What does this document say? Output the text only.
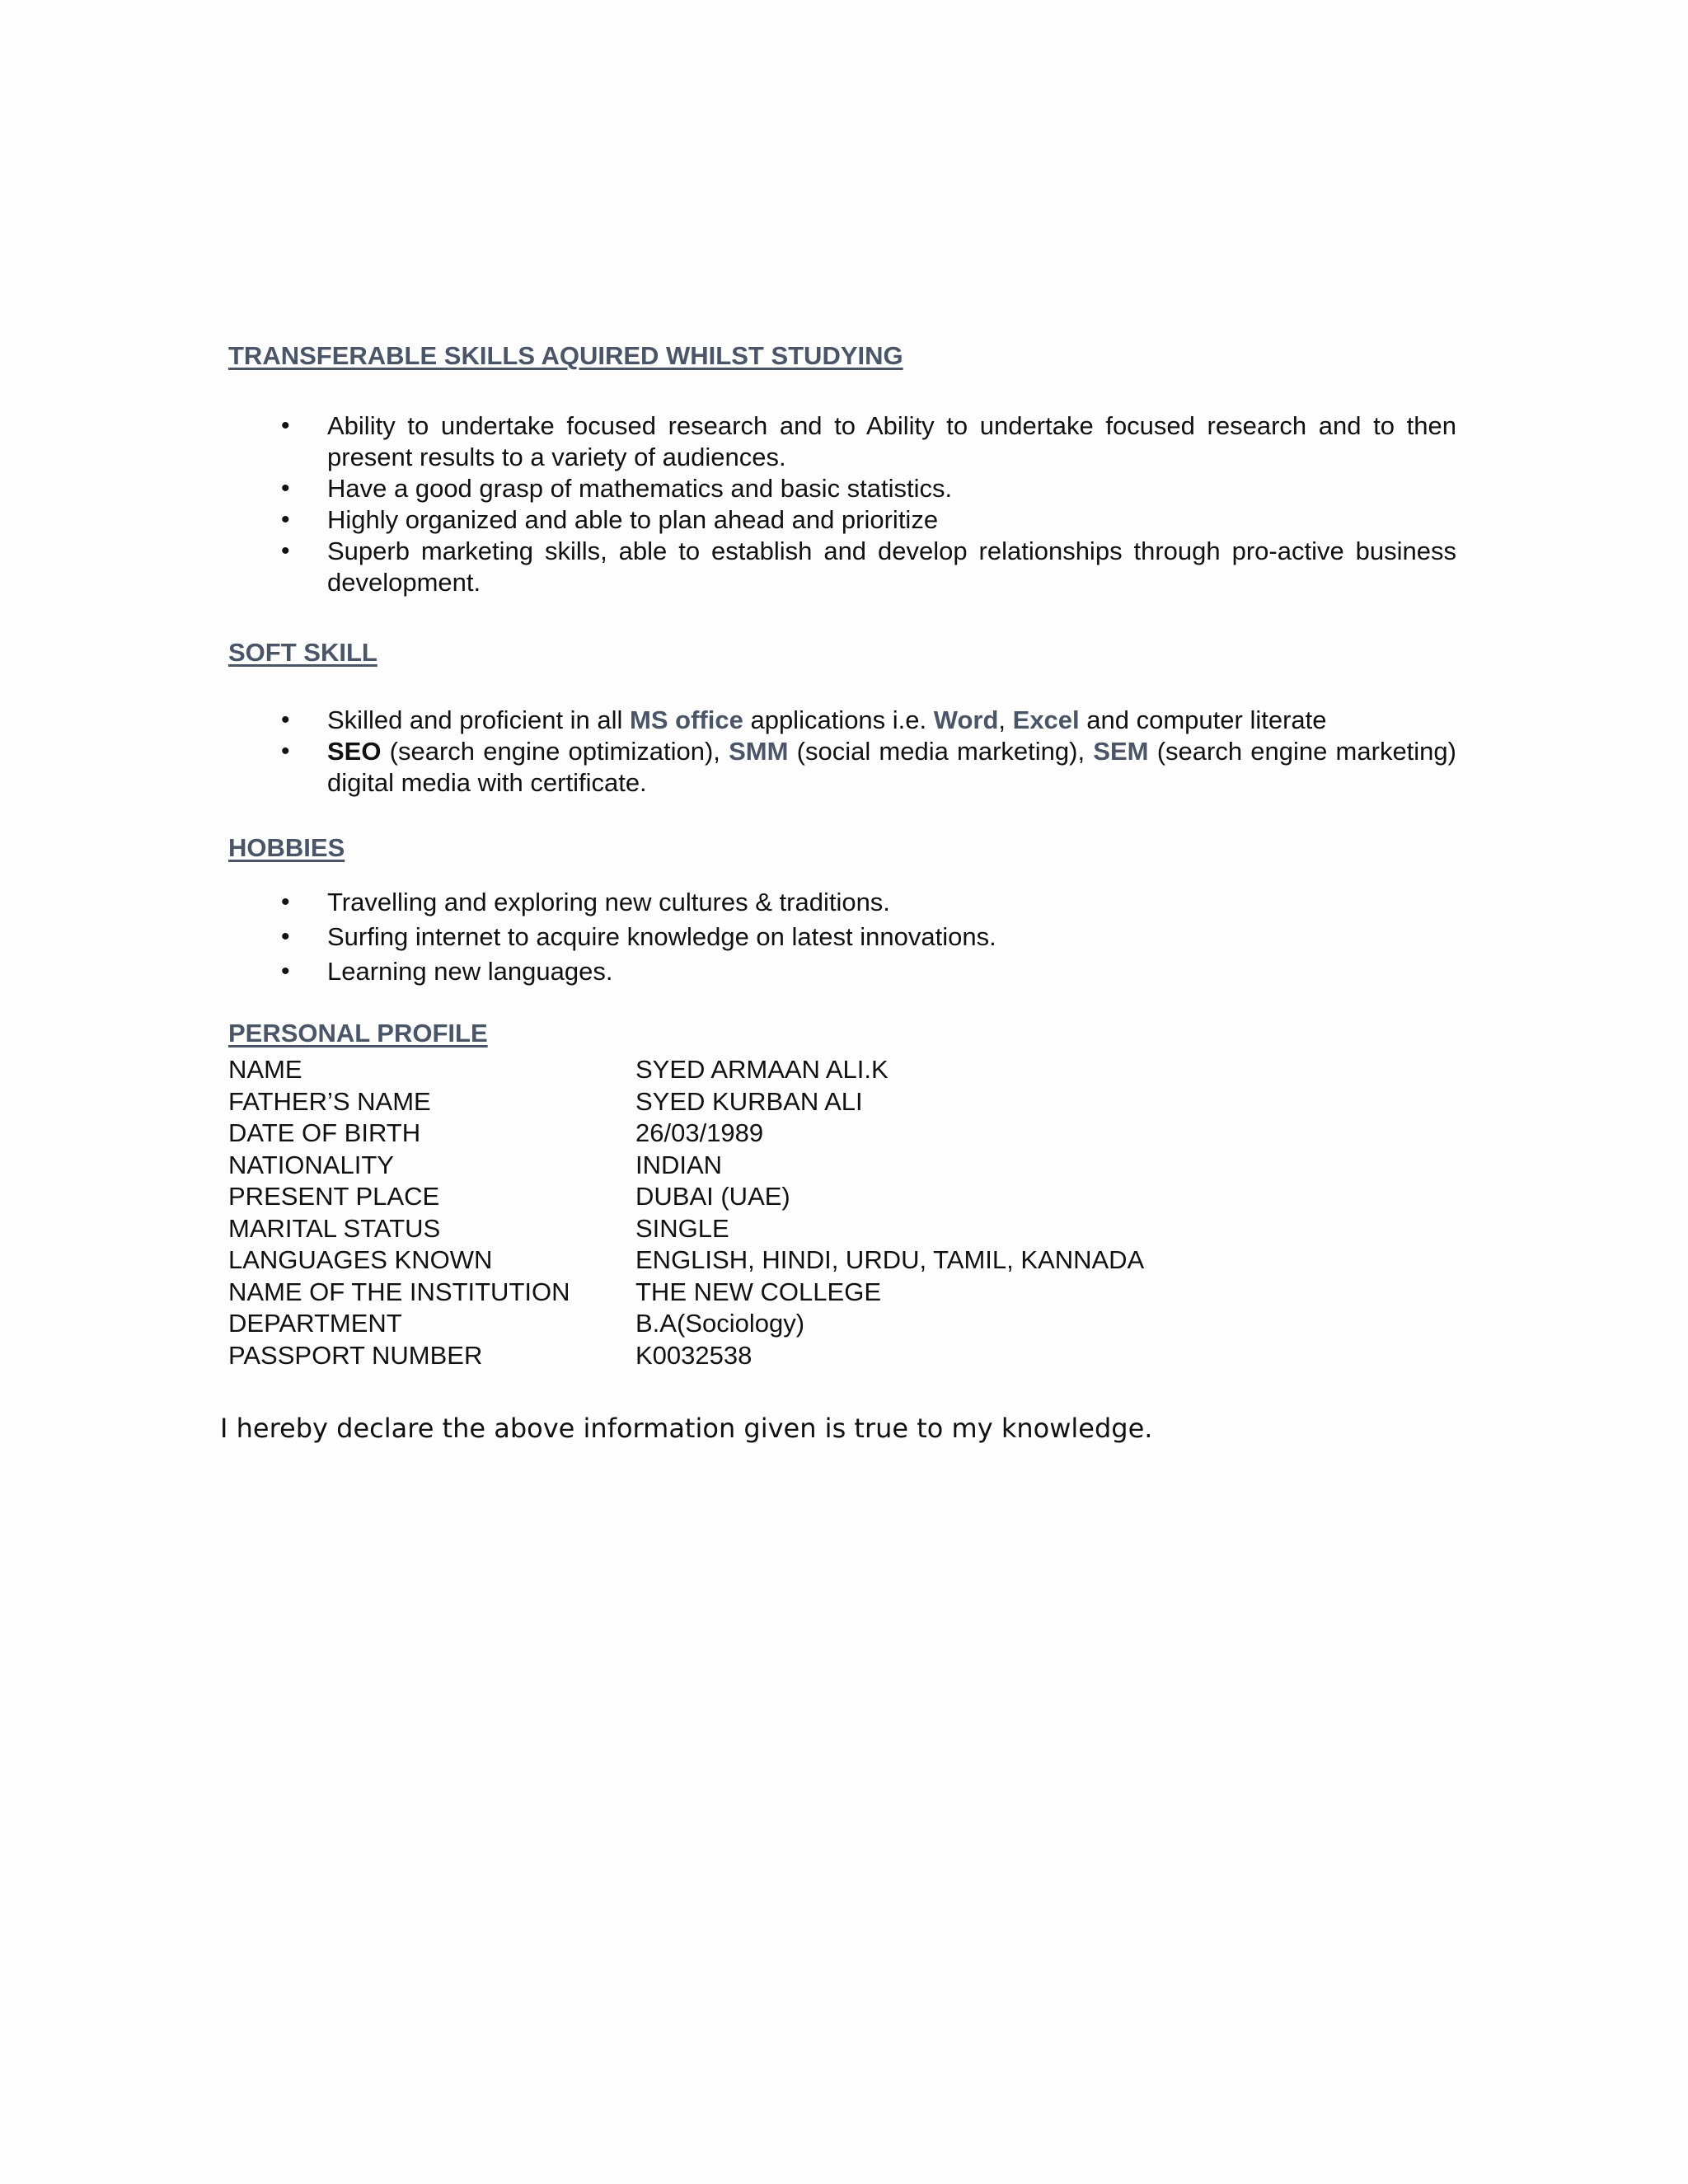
TRANSFERABLE SKILLS AQUIRED WHILST STUDYING
• Ability to undertake focused research and to Ability to undertake focused research and to then present results to a variety of audiences.
• Have a good grasp of mathematics and basic statistics.
• Highly organized and able to plan ahead and prioritize
• Superb marketing skills, able to establish and develop relationships through pro-active business development.
SOFT SKILL
• Skilled and proficient in all MS office applications i.e. Word, Excel and computer literate
• SEO (search engine optimization), SMM (social media marketing), SEM (search engine marketing) digital media with certificate.
HOBBIES
• Travelling and exploring new cultures & traditions.
• Surfing internet to acquire knowledge on latest innovations.
• Learning new languages.
PERSONAL PROFILE
NAME	SYED ARMAAN ALI.K
FATHER’S NAME	SYED KURBAN ALI
DATE OF BIRTH	26/03/1989
NATIONALITY	INDIAN
PRESENT PLACE	DUBAI (UAE)
MARITAL STATUS	SINGLE
LANGUAGES KNOWN	ENGLISH, HINDI, URDU, TAMIL, KANNADA
NAME OF THE INSTITUTION	THE NEW COLLEGE
DEPARTMENT	B.A(Sociology)
PASSPORT NUMBER	K0032538
I hereby declare the above information given is true to my knowledge.
